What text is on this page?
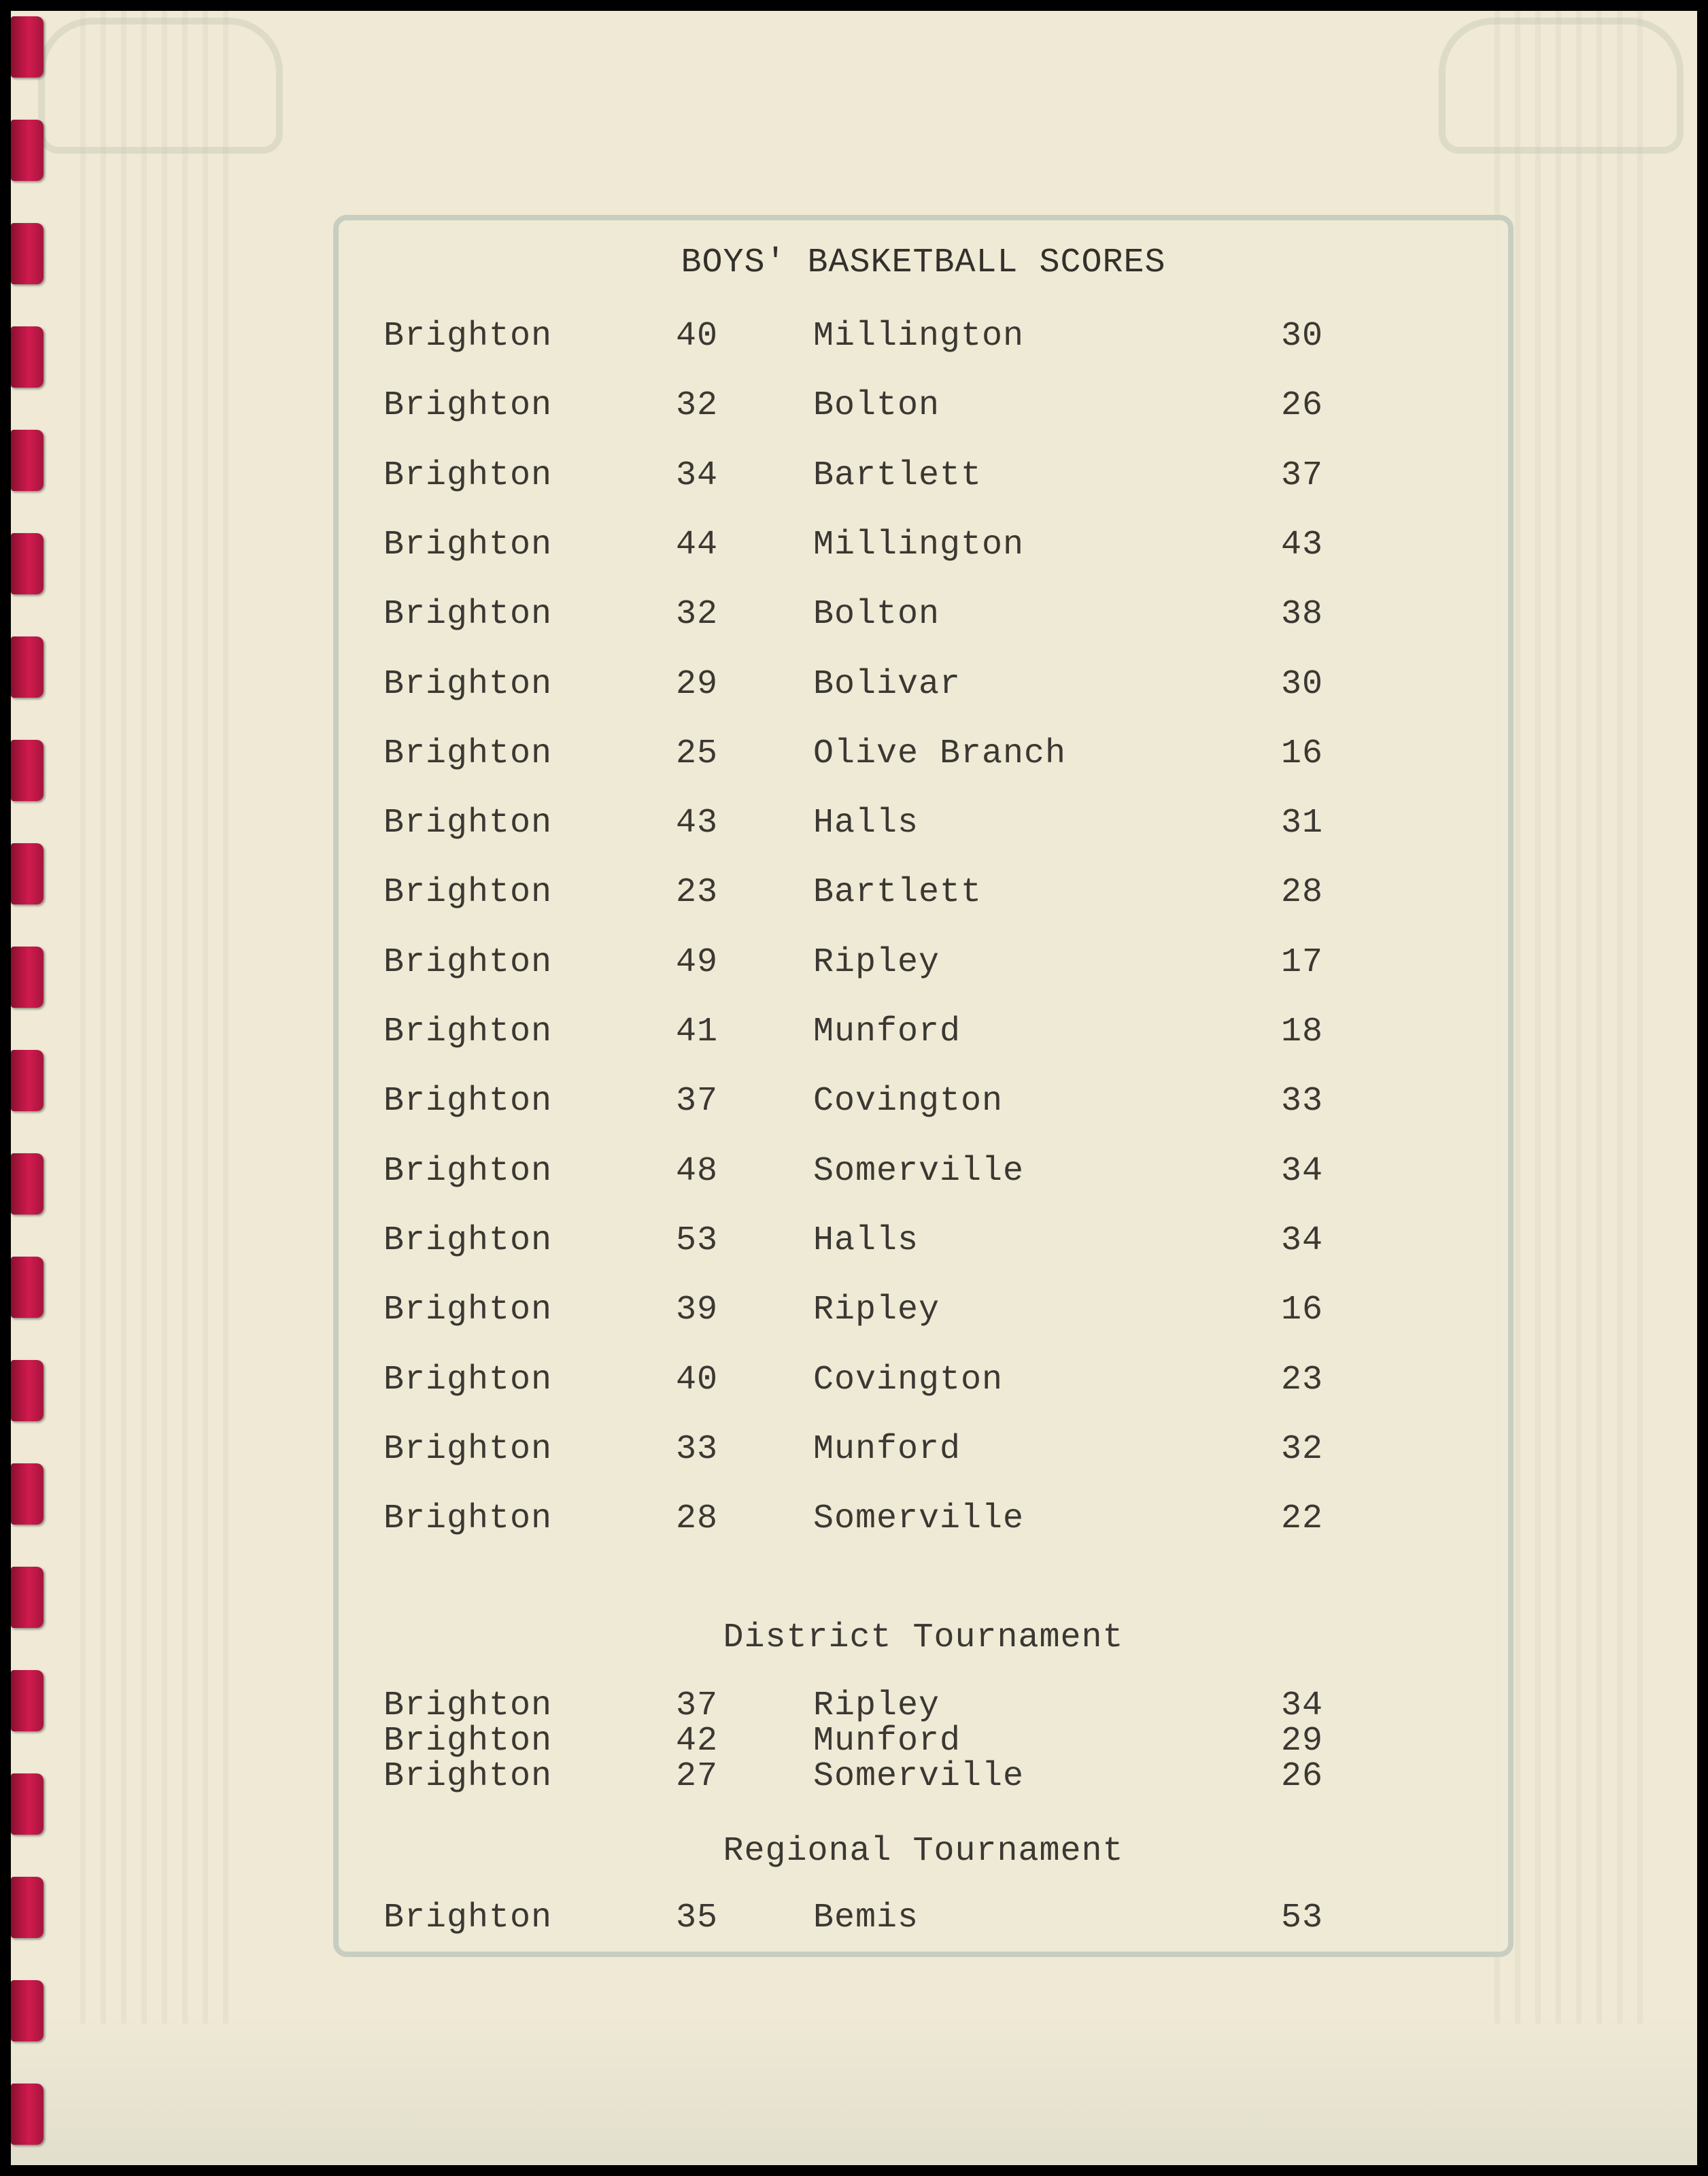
BOYS' BASKETBALL SCORES
Brighton	40	Millington	30
Brighton	32	Bolton	26
Brighton	34	Bartlett	37
Brighton	44	Millington	43
Brighton	32	Bolton	38
Brighton	29	Bolivar	30
Brighton	25	Olive Branch	16
Brighton	43	Halls	31
Brighton	23	Bartlett	28
Brighton	49	Ripley	17
Brighton	41	Munford	18
Brighton	37	Covington	33
Brighton	48	Somerville	34
Brighton	53	Halls	34
Brighton	39	Ripley	16
Brighton	40	Covington	23
Brighton	33	Munford	32
Brighton	28	Somerville	22
District Tournament
Brighton	37	Ripley	34
Brighton	42	Munford	29
Brighton	27	Somerville	26
Regional Tournament
Brighton	35	Bemis	53
